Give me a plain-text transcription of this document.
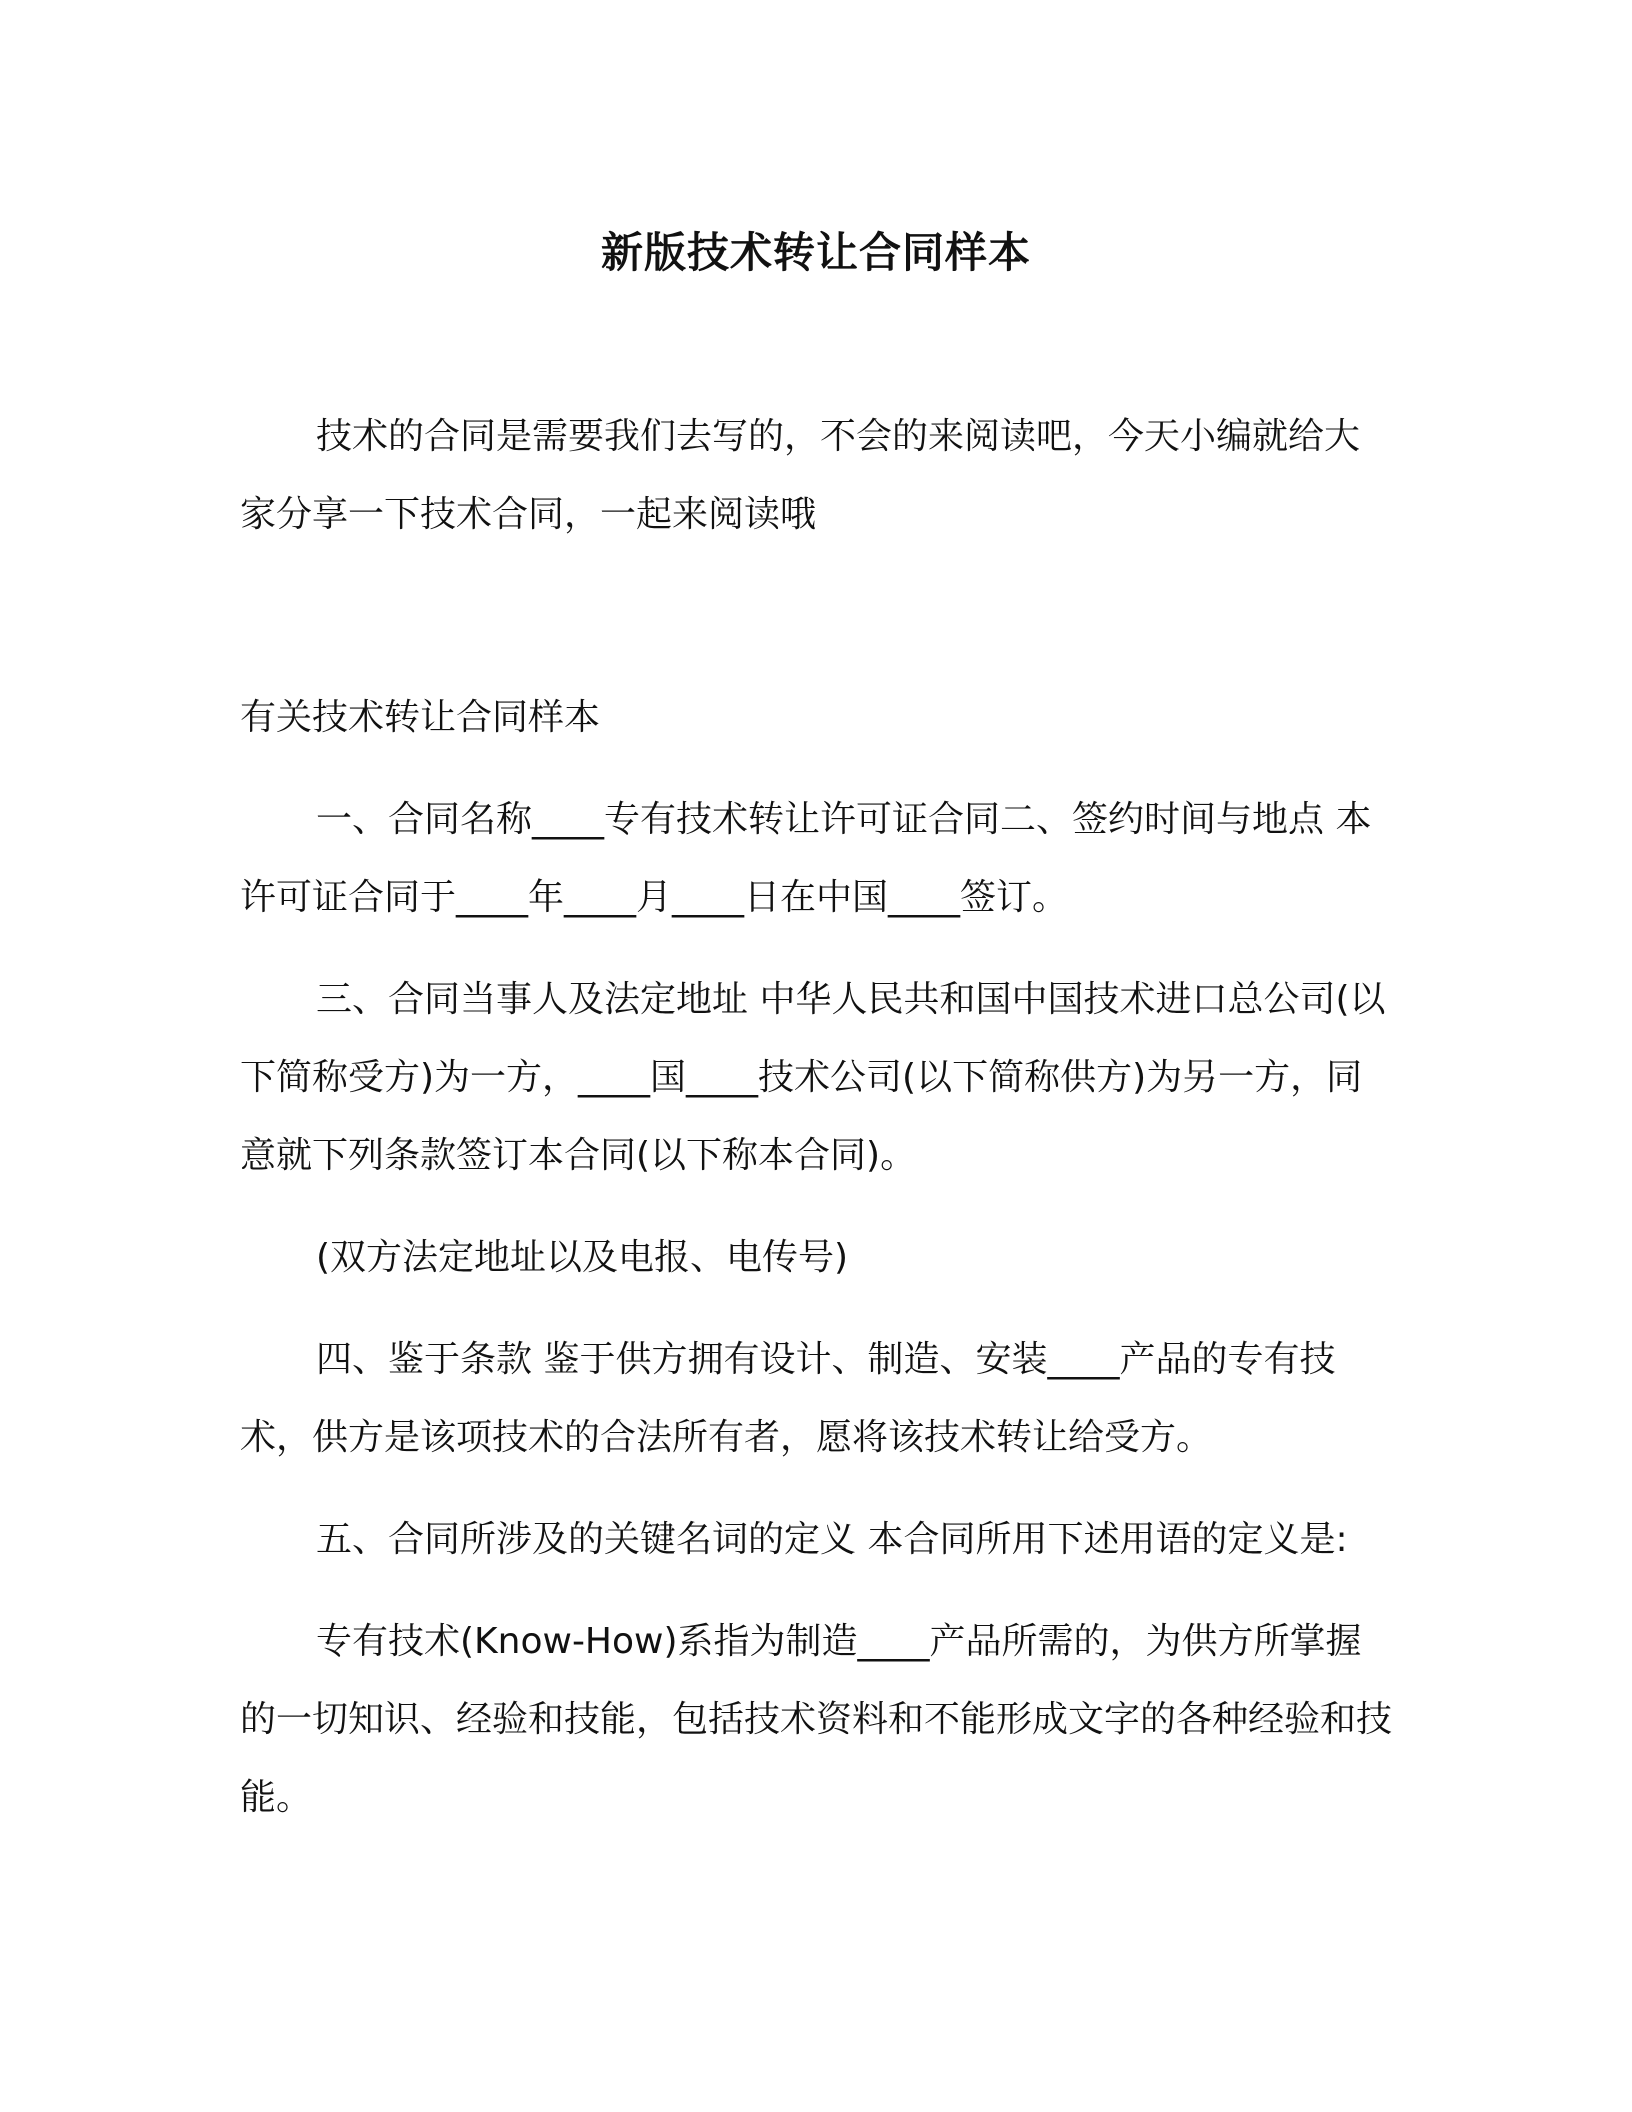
新版技术转让合同样本

技术的合同是需要我们去写的，不会的来阅读吧，今天小编就给大家分享一下技术合同，一起来阅读哦

有关技术转让合同样本

一、合同名称____专有技术转让许可证合同二、签约时间与地点 本许可证合同于____年____月____日在中国____签订。

三、合同当事人及法定地址 中华人民共和国中国技术进口总公司(以下简称受方)为一方，____国____技术公司(以下简称供方)为另一方，同意就下列条款签订本合同(以下称本合同)。

(双方法定地址以及电报、电传号)

四、鉴于条款 鉴于供方拥有设计、制造、安装____产品的专有技术，供方是该项技术的合法所有者，愿将该技术转让给受方。

五、合同所涉及的关键名词的定义 本合同所用下述用语的定义是:

专有技术(Know-How)系指为制造____产品所需的，为供方所掌握的一切知识、经验和技能，包括技术资料和不能形成文字的各种经验和技能。
